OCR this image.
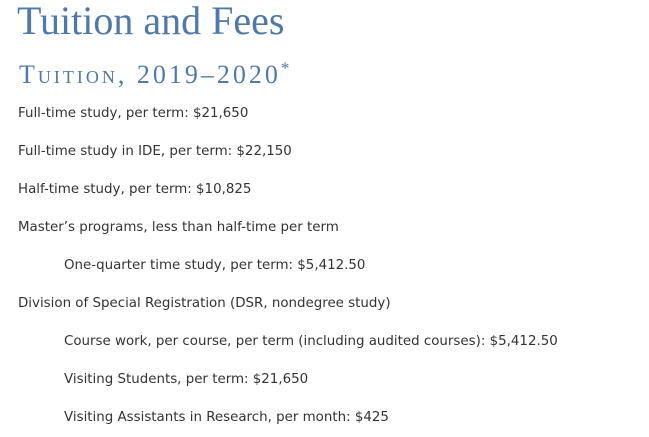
Tuition and Fees
Tuition, 2019–2020*

Full-time study, per term: $21,650

Full-time study in IDE, per term: $22,150

Half-time study, per term: $10,825

Master’s programs, less than half-time per term

One-quarter time study, per term: $5,412.50

Division of Special Registration (DSR, nondegree study)

Course work, per course, per term (including audited courses): $5,412.50

Visiting Students, per term: $21,650

Visiting Assistants in Research, per month: $425
